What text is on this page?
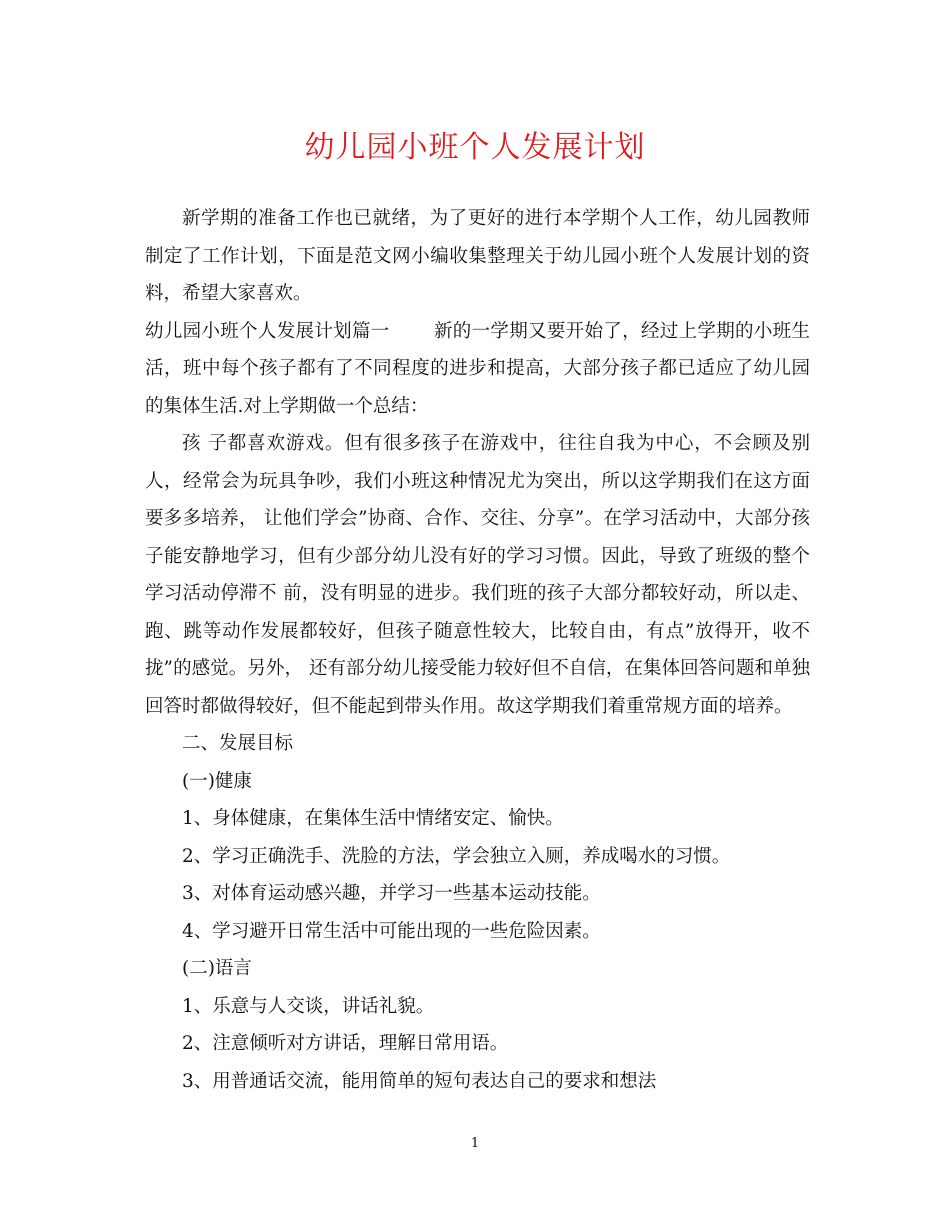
幼儿园小班个人发展计划

新学期的准备工作也已就绪，为了更好的进行本学期个人工作，幼儿园教师制定了工作计划，下面是范文网小编收集整理关于幼儿园小班个人发展计划的资料，希望大家喜欢。

幼儿园小班个人发展计划篇一 新的一学期又要开始了，经过上学期的小班生活，班中每个孩子都有了不同程度的进步和提高，大部分孩子都已适应了幼儿园的集体生活.对上学期做一个总结：

孩 子都喜欢游戏。但有很多孩子在游戏中，往往自我为中心，不会顾及别人，经常会为玩具争吵，我们小班这种情况尤为突出，所以这学期我们在这方面要多多培养， 让他们学会”协商、合作、交往、分享”。在学习活动中，大部分孩子能安静地学习，但有少部分幼儿没有好的学习习惯。因此，导致了班级的整个学习活动停滞不 前，没有明显的进步。我们班的孩子大部分都较好动，所以走、跑、跳等动作发展都较好，但孩子随意性较大，比较自由，有点”放得开，收不拢”的感觉。另外， 还有部分幼儿接受能力较好但不自信，在集体回答问题和单独回答时都做得较好，但不能起到带头作用。故这学期我们着重常规方面的培养。

二、发展目标

(一)健康

1、身体健康，在集体生活中情绪安定、愉快。

2、学习正确洗手、洗脸的方法，学会独立入厕，养成喝水的习惯。

3、对体育运动感兴趣，并学习一些基本运动技能。

4、学习避开日常生活中可能出现的一些危险因素。

(二)语言

1、乐意与人交谈，讲话礼貌。

2、注意倾听对方讲话，理解日常用语。

3、用普通话交流，能用简单的短句表达自己的要求和想法

1
